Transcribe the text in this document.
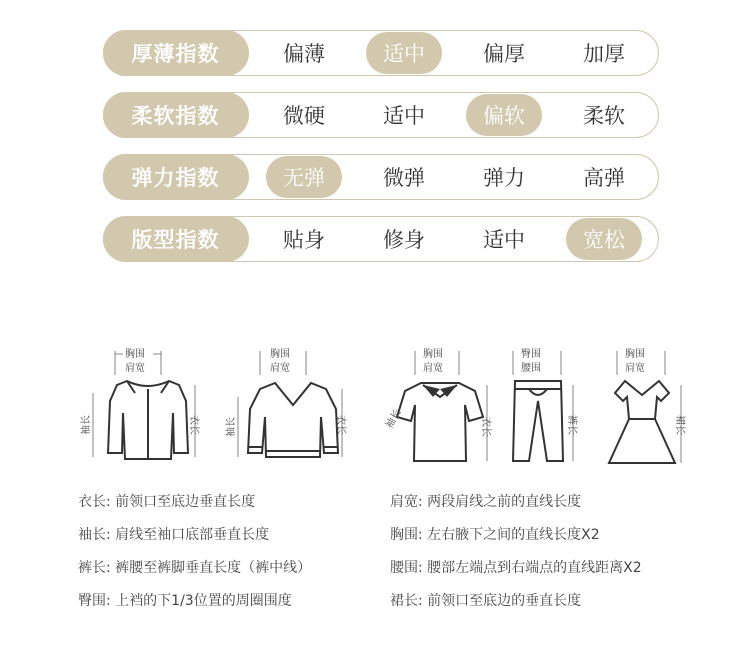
厚薄指数	偏薄	适中	偏厚	加厚
柔软指数	微硬	适中	偏软	柔软
弹力指数	无弹	微弹	弹力	高弹
版型指数	贴身	修身	适中	宽松
胸围
肩宽
袖长	衣长
胸围
肩宽
袖长	衣长
胸围
肩宽
袖长	衣长
臀围
腰围
裤长
胸围
肩宽
裙长
衣长: 前领口至底边垂直长度
袖长: 肩线至袖口底部垂直长度
裤长: 裤腰至裤脚垂直长度（裤中线）
臀围: 上裆的下1/3位置的周圈围度
肩宽: 两段肩线之前的直线长度
胸围: 左右腋下之间的直线长度X2
腰围: 腰部左端点到右端点的直线距离X2
裙长: 前领口至底边的垂直长度
